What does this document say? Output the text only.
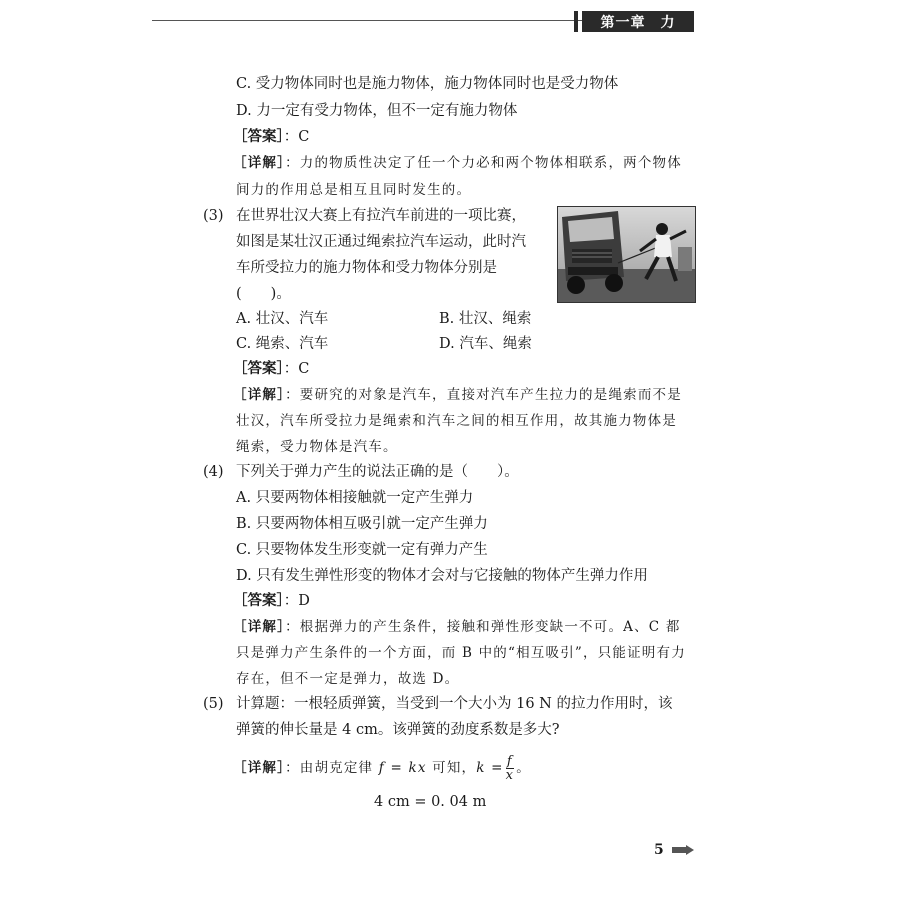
第一章　力
C. 受力物体同时也是施力物体，施力物体同时也是受力物体
D. 力一定有受力物体，但不一定有施力物体
［答案］：C
［详解］：力的物质性决定了任一个力必和两个物体相联系，两个物体
间力的作用总是相互且同时发生的。
(3) 在世界壮汉大赛上有拉汽车前进的一项比赛，
如图是某壮汉正通过绳索拉汽车运动，此时汽
车所受拉力的施力物体和受力物体分别是
(　　)。
A. 壮汉、汽车	B. 壮汉、绳索
C. 绳索、汽车	D. 汽车、绳索
［答案］：C
［详解］：要研究的对象是汽车，直接对汽车产生拉力的是绳索而不是
壮汉，汽车所受拉力是绳索和汽车之间的相互作用，故其施力物体是
绳索，受力物体是汽车。
(4) 下列关于弹力产生的说法正确的是（　　）。
A. 只要两物体相接触就一定产生弹力
B. 只要两物体相互吸引就一定产生弹力
C. 只要物体发生形变就一定有弹力产生
D. 只有发生弹性形变的物体才会对与它接触的物体产生弹力作用
［答案］：D
［详解］：根据弹力的产生条件，接触和弹性形变缺一不可。A、C 都
只是弹力产生条件的一个方面，而 B 中的“相互吸引”，只能证明有力
存在，但不一定是弹力，故选 D。
(5) 计算题：一根轻质弹簧，当受到一个大小为 16 N 的拉力作用时，该
弹簧的伸长量是 4 cm。该弹簧的劲度系数是多大?
［详解］：由胡克定律 f = kx 可知，$k = \frac{f}{x}$ 。
4 cm = 0. 04 m
5
